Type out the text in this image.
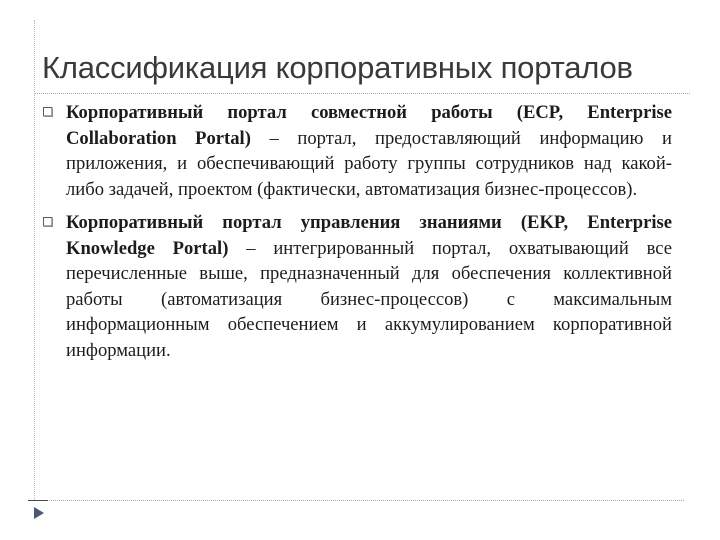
Классификация корпоративных порталов
Корпоративный портал совместной работы (ECP, Enterprise Collaboration Portal) – портал, предоставляющий информацию и приложения, и обеспечивающий работу группы сотрудников над какой-либо задачей, проектом (фактически, автоматизация бизнес-процессов).
Корпоративный портал управления знаниями (EKP, Enterprise Knowledge Portal) – интегрированный портал, охватывающий все перечисленные выше, предназначенный для обеспечения коллективной работы (автоматизация бизнес-процессов) с максимальным информационным обеспечением и аккумулированием корпоративной информации.
